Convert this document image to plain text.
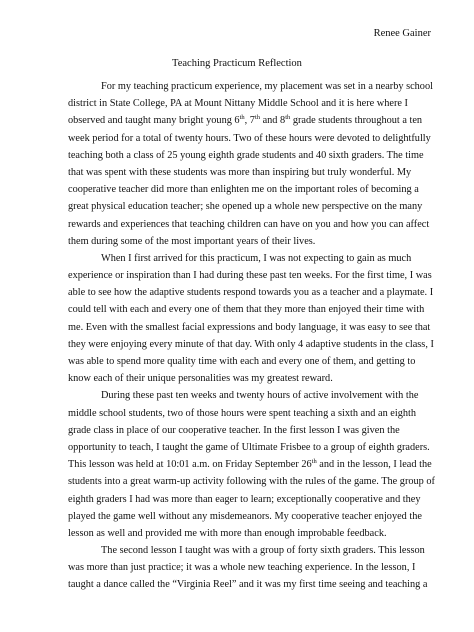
Renee Gainer
Teaching Practicum Reflection
For my teaching practicum experience, my placement was set in a nearby school
district in State College, PA at Mount Nittany Middle School and it is here where I
observed and taught many bright young 6th, 7th and 8th grade students throughout a ten
week period for a total of twenty hours. Two of these hours were devoted to delightfully
teaching both a class of 25 young eighth grade students and 40 sixth graders. The time
that was spent with these students was more than inspiring but truly wonderful. My
cooperative teacher did more than enlighten me on the important roles of becoming a
great physical education teacher; she opened up a whole new perspective on the many
rewards and experiences that teaching children can have on you and how you can affect
them during some of the most important years of their lives.
When I first arrived for this practicum, I was not expecting to gain as much
experience or inspiration than I had during these past ten weeks. For the first time, I was
able to see how the adaptive students respond towards you as a teacher and a playmate. I
could tell with each and every one of them that they more than enjoyed their time with
me. Even with the smallest facial expressions and body language, it was easy to see that
they were enjoying every minute of that day. With only 4 adaptive students in the class, I
was able to spend more quality time with each and every one of them, and getting to
know each of their unique personalities was my greatest reward.
During these past ten weeks and twenty hours of active involvement with the
middle school students, two of those hours were spent teaching a sixth and an eighth
grade class in place of our cooperative teacher. In the first lesson I was given the
opportunity to teach, I taught the game of Ultimate Frisbee to a group of eighth graders.
This lesson was held at 10:01 a.m. on Friday September 26th and in the lesson, I lead the
students into a great warm-up activity following with the rules of the game. The group of
eighth graders I had was more than eager to learn; exceptionally cooperative and they
played the game well without any misdemeanors. My cooperative teacher enjoyed the
lesson as well and provided me with more than enough improbable feedback.
The second lesson I taught was with a group of forty sixth graders. This lesson
was more than just practice; it was a whole new teaching experience. In the lesson, I
taught a dance called the “Virginia Reel” and it was my first time seeing and teaching a
